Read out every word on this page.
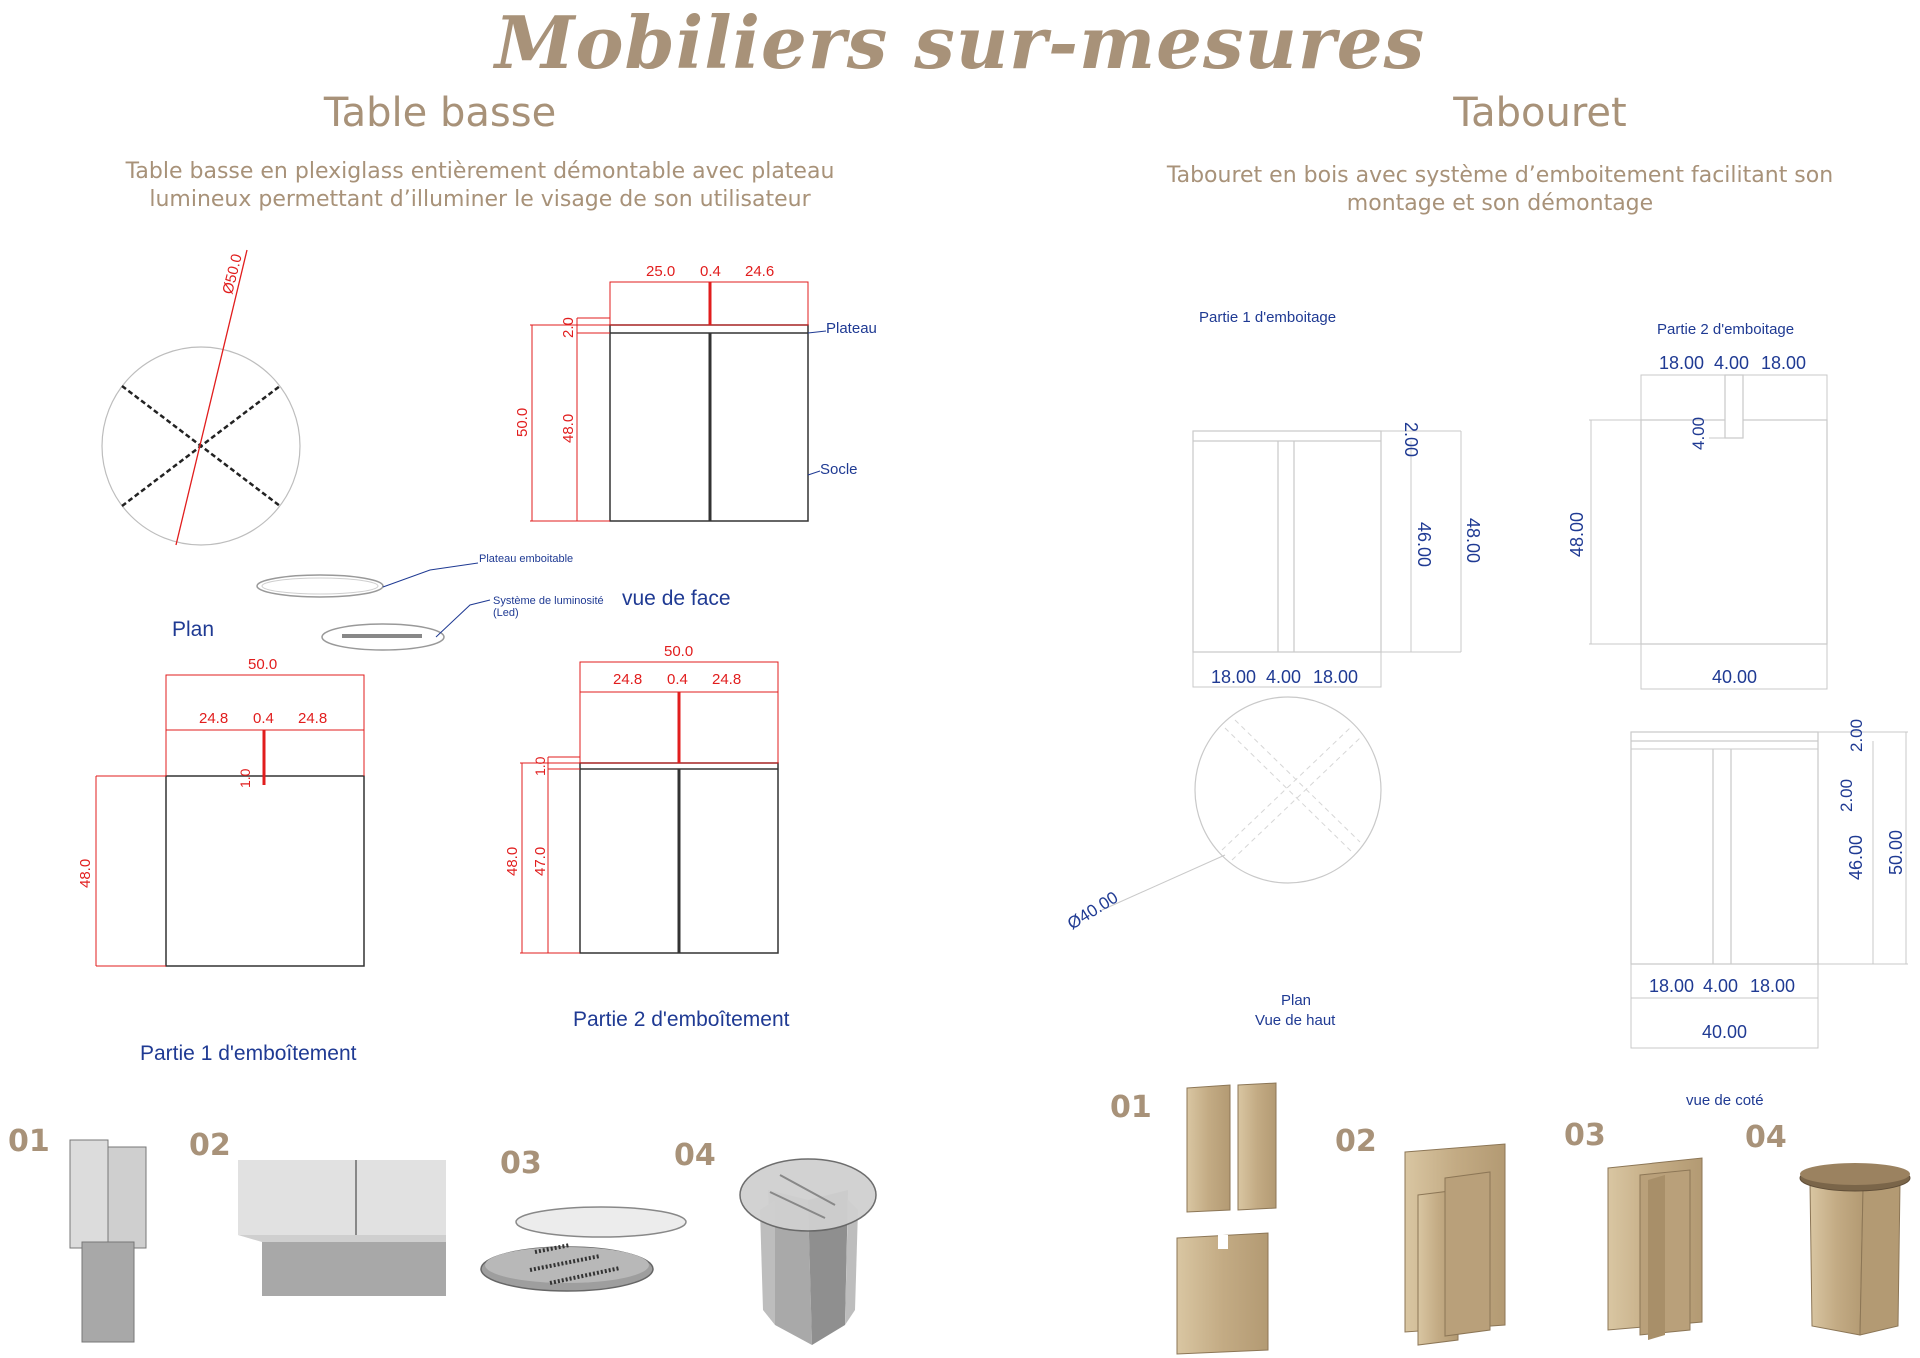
Mobiliers sur-mesures
Table basse
Table basse en plexiglass entièrement démontable avec plateau
lumineux permettant d’illuminer le visage de son utilisateur
Tabouret
Tabouret en bois avec système d’emboitement facilitant son
montage et son démontage
Plan
vue de face
Partie 1 d'emboîtement
Partie 2 d'emboîtement
Plateau
Socle
Plateau emboitable
Système de luminosité
(Led)
Partie 1 d'emboitage
Partie 2 d'emboitage
Plan
Vue de haut
vue de coté
01	02
03	04
01
02	03	04
Ø50.0	25.0 0.4 24.6
2.0
50.0 48.0
50.0
24.8 0.4 24.8
1.0
48.0
50.0
24.8 0.4 24.8
1.0
47.0
48.0
2.00
46.00 48.00
18.00 4.00 18.00
18.00 4.00 18.00
4.00
48.00
40.00
Ø40.00
2.00
2.00
46.00 50.00
18.00 4.00 18.00
40.00
